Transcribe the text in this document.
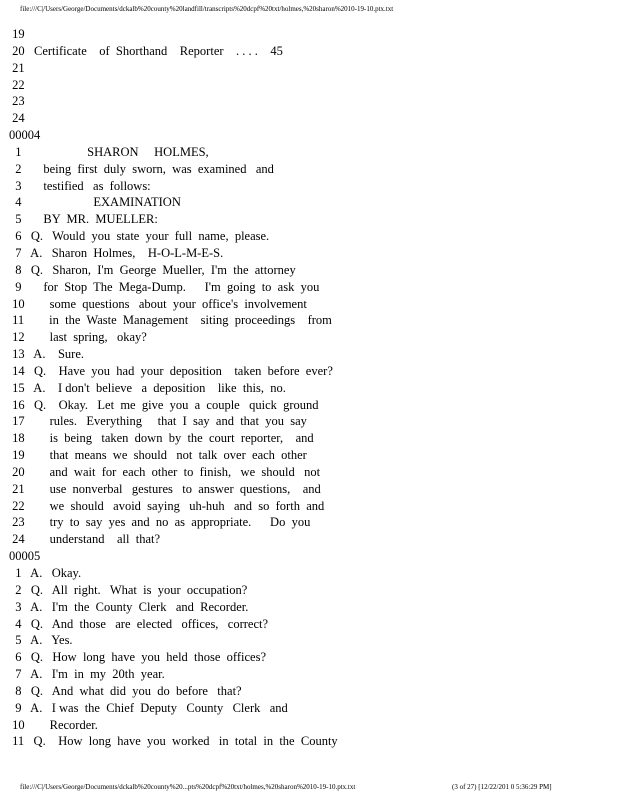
file:///C|/Users/George/Documents/dckalb%20county%20landfill/transcripts%20dcpf%20txt/holmes,%20sharon%2010-19-10.ptx.txt
19
20   Certificate    of  Shorthand    Reporter    . . . .    45
21
22
23
24
00004
1                     SHARON     HOLMES,
2       being  first  duly  sworn,  was  examined   and
3       testified   as  follows:
4                       EXAMINATION
5       BY  MR.  MUELLER:
6   Q.   Would  you  state  your  full  name,  please.
7   A.   Sharon  Holmes,    H-O-L-M-E-S.
8   Q.   Sharon,  I'm  George  Mueller,  I'm  the  attorney
9       for  Stop  The  Mega-Dump.      I'm  going  to  ask  you
10        some  questions   about  your  office's  involvement
11        in  the  Waste  Management    siting  proceedings    from
12        last  spring,   okay?
13   A.    Sure.
14   Q.    Have  you  had  your  deposition    taken  before  ever?
15   A.    I don't  believe   a  deposition    like  this,  no.
16   Q.    Okay.   Let  me  give  you  a  couple   quick  ground
17        rules.   Everything     that  I  say  and  that  you  say
18        is  being   taken  down  by  the  court  reporter,    and
19        that  means  we  should   not  talk  over  each  other
20        and  wait  for  each  other  to  finish,   we  should   not
21        use  nonverbal   gestures   to  answer  questions,    and
22        we  should   avoid  saying   uh-huh   and  so  forth  and
23        try  to  say  yes  and  no  as  appropriate.      Do  you
24        understand    all  that?
00005
1   A.   Okay.
2   Q.   All  right.   What  is  your  occupation?
3   A.   I'm  the  County  Clerk   and  Recorder.
4   Q.   And  those   are  elected   offices,   correct?
5   A.   Yes.
6   Q.   How  long  have  you  held  those  offices?
7   A.   I'm  in  my  20th  year.
8   Q.   And  what  did  you  do  before   that?
9   A.   I was  the  Chief  Deputy   County   Clerk   and
10        Recorder.
11   Q.    How  long  have  you  worked   in  total  in  the  County
file:///C|/Users/George/Documents/dckalb%20county%20...pts%20dcpf%20txt/holmes,%20sharon%2010-19-10.ptx.txt	(3 of 27) [12/22/201 0 5:36:29 PM]
